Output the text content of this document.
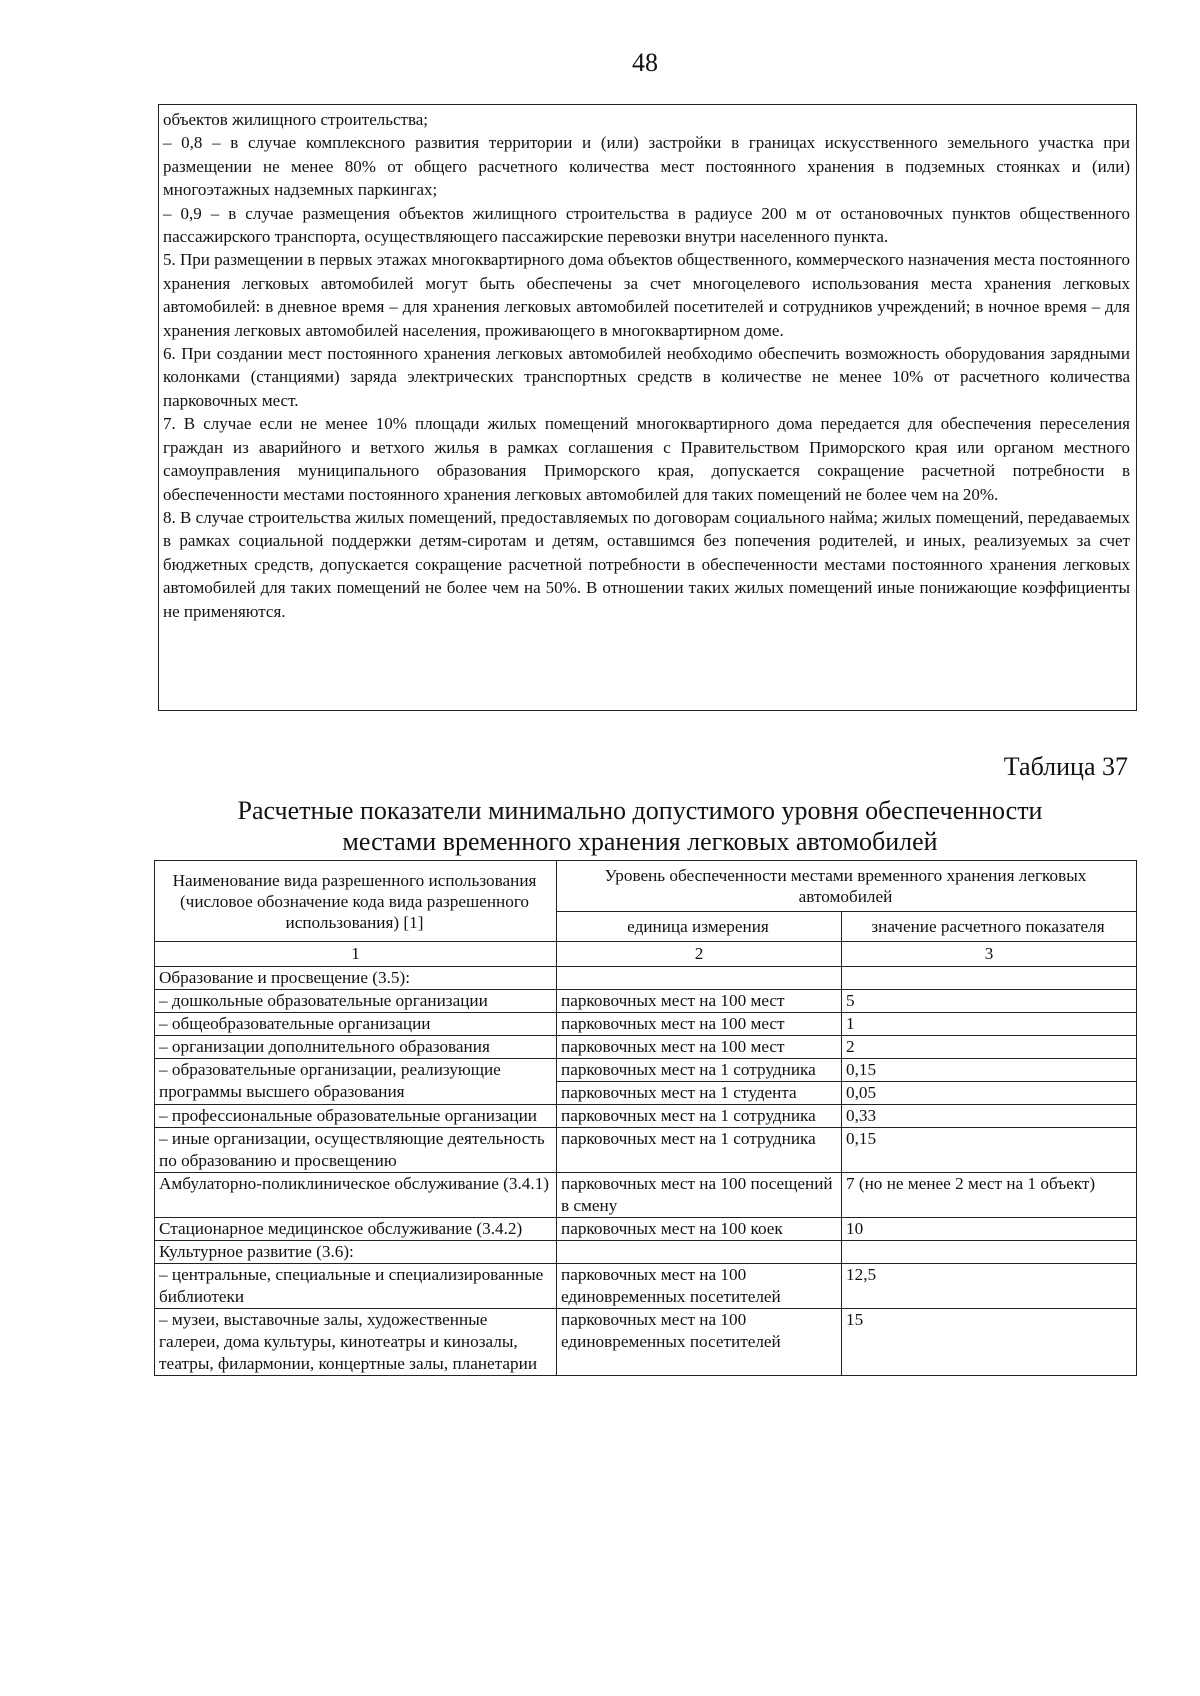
48

объектов жилищного строительства;

– 0,8 – в случае комплексного развития территории и (или) застройки в границах искусственного земельного участка при размещении не менее 80% от общего расчетного количества мест постоянного хранения в подземных стоянках и (или) многоэтажных надземных паркингах;

– 0,9 – в случае размещения объектов жилищного строительства в радиусе 200 м от остановочных пунктов общественного пассажирского транспорта, осуществляющего пассажирские перевозки внутри населенного пункта.

5. При размещении в первых этажах многоквартирного дома объектов общественного, коммерческого назначения места постоянного хранения легковых автомобилей могут быть обеспечены за счет многоцелевого использования места хранения легковых автомобилей: в дневное время – для хранения легковых автомобилей посетителей и сотрудников учреждений; в ночное время – для хранения легковых автомобилей населения, проживающего в многоквартирном доме.

6. При создании мест постоянного хранения легковых автомобилей необходимо обеспечить возможность оборудования зарядными колонками (станциями) заряда электрических транспортных средств в количестве не менее 10% от расчетного количества парковочных мест.

7. В случае если не менее 10% площади жилых помещений многоквартирного дома передается для обеспечения переселения граждан из аварийного и ветхого жилья в рамках соглашения с Правительством Приморского края или органом местного самоуправления муниципального образования Приморского края, допускается сокращение расчетной потребности в обеспеченности местами постоянного хранения легковых автомобилей для таких помещений не более чем на 20%.

8. В случае строительства жилых помещений, предоставляемых по договорам социального найма; жилых помещений, передаваемых в рамках социальной поддержки детям-сиротам и детям, оставшимся без попечения родителей, и иных, реализуемых за счет бюджетных средств, допускается сокращение расчетной потребности в обеспеченности местами постоянного хранения легковых автомобилей для таких помещений не более чем на 50%. В отношении таких жилых помещений иные понижающие коэффициенты не применяются.

Таблица 37
Расчетные показатели минимально допустимого уровня обеспеченности
местами временного хранения легковых автомобилей
Наименование вида разрешенного использования (числовое обозначение кода вида разрешенного использования) [1]	Уровень обеспеченности местами временного хранения легковых автомобилей	
	единица измерения	значение расчетного показателя
1	2	3
Образование и просвещение (3.5):		
– дошкольные образовательные организации	парковочных мест на 100 мест	5
– общеобразовательные организации	парковочных мест на 100 мест	1
– организации дополнительного образования	парковочных мест на 100 мест	2
– образовательные организации, реализующие программы высшего образования	парковочных мест на 1 сотрудника	0,15
	парковочных мест на 1 студента	0,05
– профессиональные образовательные организации	парковочных мест на 1 сотрудника	0,33
– иные организации, осуществляющие деятельность по образованию и просвещению	парковочных мест на 1 сотрудника	0,15
Амбулаторно-поликлиническое обслуживание (3.4.1)	парковочных мест на 100 посещений в смену	7 (но не менее 2 мест на 1 объект)
Стационарное медицинское обслуживание (3.4.2)	парковочных мест на 100 коек	10
Культурное развитие (3.6):		
– центральные, специальные и специализированные библиотеки	парковочных мест на 100 единовременных посетителей	12,5
– музеи, выставочные залы, художественные галереи, дома культуры, кинотеатры и кинозалы, театры, филармонии, концертные залы, планетарии	парковочных мест на 100 единовременных посетителей	15
